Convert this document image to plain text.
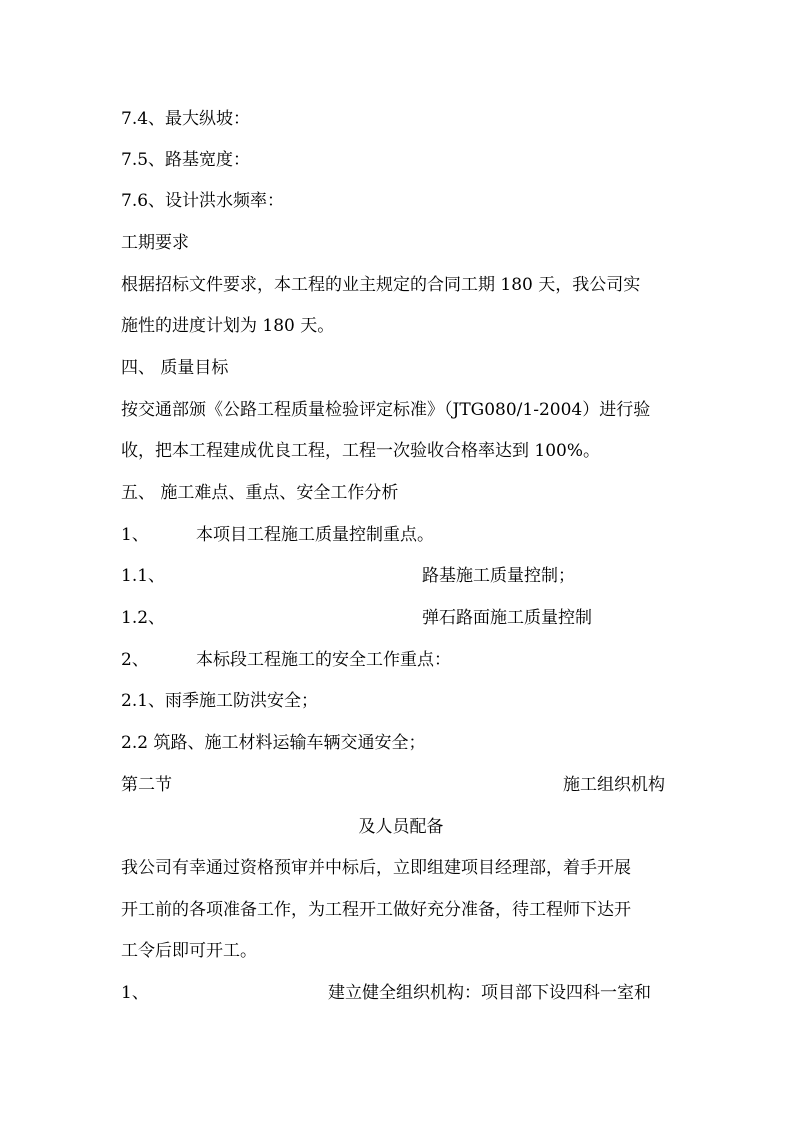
7.4、最大纵坡：
7.5、路基宽度：
7.6、设计洪水频率：
工期要求
根据招标文件要求，本工程的业主规定的合同工期 180 天，我公司实
施性的进度计划为 180 天。
四、 质量目标
按交通部颁《公路工程质量检验评定标准》（JTG080/1-2004）进行验
收，把本工程建成优良工程，工程一次验收合格率达到 100%。
五、 施工难点、重点、安全工作分析
1、	本项目工程施工质量控制重点。
1.1、	路基施工质量控制；
1.2、	弹石路面施工质量控制
2、	本标段工程施工的安全工作重点：
2.1、雨季施工防洪安全；
2.2 筑路、施工材料运输车辆交通安全；
第二节	施工组织机构
及人员配备
我公司有幸通过资格预审并中标后，立即组建项目经理部，着手开展
开工前的各项准备工作，为工程开工做好充分准备，待工程师下达开
工令后即可开工。
1、	建立健全组织机构：项目部下设四科一室和
